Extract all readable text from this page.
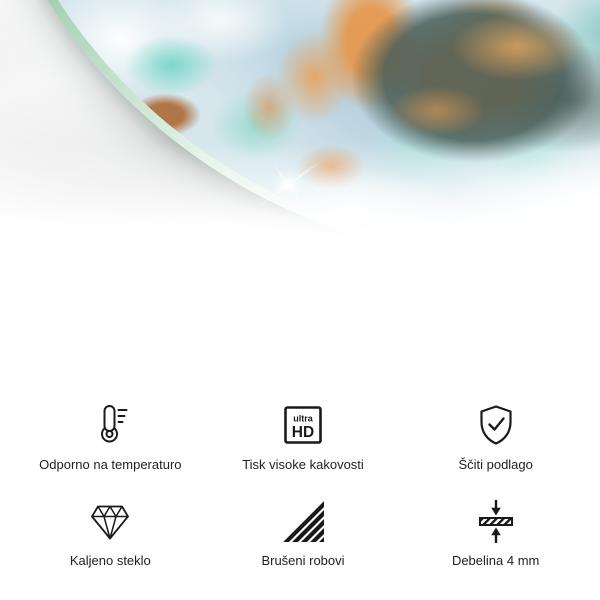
Odporno na temperaturo
ultra
HD
Tisk visoke kakovosti	Ščiti podlago
Kaljeno steklo	Brušeni robovi	Debelina 4 mm
